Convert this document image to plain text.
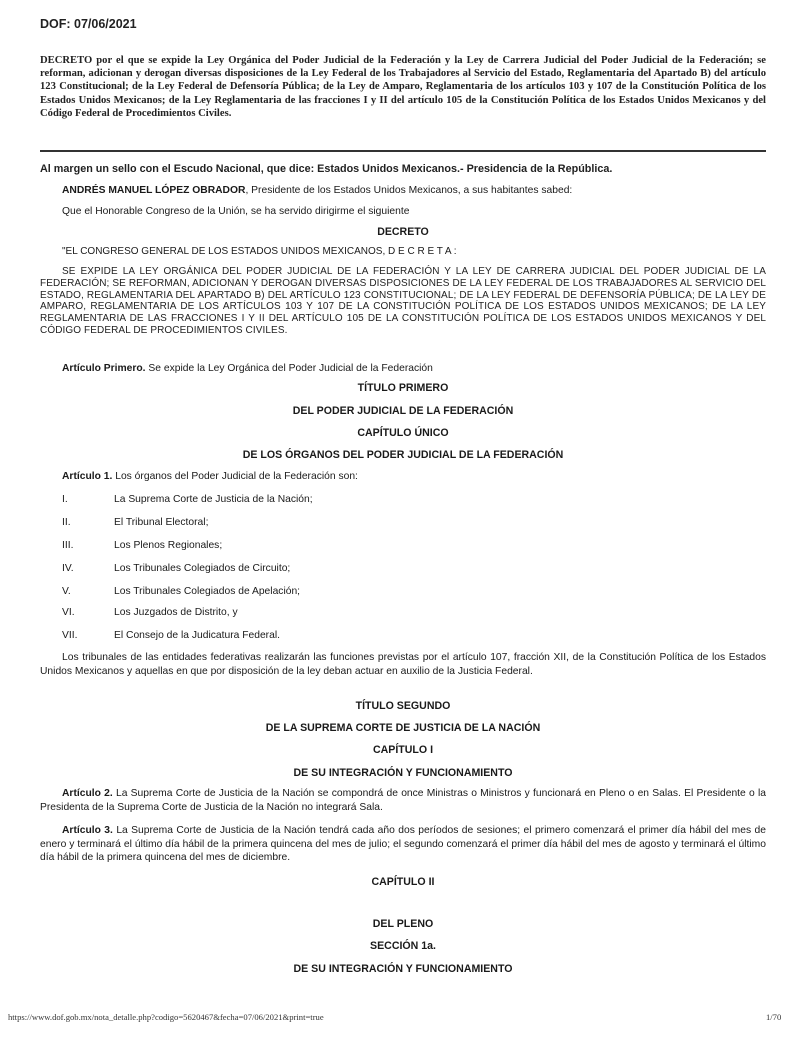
DOF: 07/06/2021
DECRETO por el que se expide la Ley Orgánica del Poder Judicial de la Federación y la Ley de Carrera Judicial del Poder Judicial de la Federación; se reforman, adicionan y derogan diversas disposiciones de la Ley Federal de los Trabajadores al Servicio del Estado, Reglamentaria del Apartado B) del artículo 123 Constitucional; de la Ley Federal de Defensoría Pública; de la Ley de Amparo, Reglamentaria de los artículos 103 y 107 de la Constitución Política de los Estados Unidos Mexicanos; de la Ley Reglamentaria de las fracciones I y II del artículo 105 de la Constitución Política de los Estados Unidos Mexicanos y del Código Federal de Procedimientos Civiles.
Al margen un sello con el Escudo Nacional, que dice: Estados Unidos Mexicanos.- Presidencia de la República.
ANDRÉS MANUEL LÓPEZ OBRADOR, Presidente de los Estados Unidos Mexicanos, a sus habitantes sabed:
Que el Honorable Congreso de la Unión, se ha servido dirigirme el siguiente
DECRETO
"EL CONGRESO GENERAL DE LOS ESTADOS UNIDOS MEXICANOS, D E C R E T A :
SE EXPIDE LA LEY ORGÁNICA DEL PODER JUDICIAL DE LA FEDERACIÓN Y LA LEY DE CARRERA JUDICIAL DEL PODER JUDICIAL DE LA FEDERACIÓN; SE REFORMAN, ADICIONAN Y DEROGAN DIVERSAS DISPOSICIONES DE LA LEY FEDERAL DE LOS TRABAJADORES AL SERVICIO DEL ESTADO, REGLAMENTARIA DEL APARTADO B) DEL ARTÍCULO 123 CONSTITUCIONAL; DE LA LEY FEDERAL DE DEFENSORÍA PÚBLICA; DE LA LEY DE AMPARO, REGLAMENTARIA DE LOS ARTÍCULOS 103 Y 107 DE LA CONSTITUCIÓN POLÍTICA DE LOS ESTADOS UNIDOS MEXICANOS; DE LA LEY REGLAMENTARIA DE LAS FRACCIONES I Y II DEL ARTÍCULO 105 DE LA CONSTITUCIÓN POLÍTICA DE LOS ESTADOS UNIDOS MEXICANOS Y DEL CÓDIGO FEDERAL DE PROCEDIMIENTOS CIVILES.
Artículo Primero. Se expide la Ley Orgánica del Poder Judicial de la Federación
TÍTULO PRIMERO
DEL PODER JUDICIAL DE LA FEDERACIÓN
CAPÍTULO ÚNICO
DE LOS ÓRGANOS DEL PODER JUDICIAL DE LA FEDERACIÓN
Artículo 1. Los órganos del Poder Judicial de la Federación son:
I.	La Suprema Corte de Justicia de la Nación;
II.	El Tribunal Electoral;
III.	Los Plenos Regionales;
IV.	Los Tribunales Colegiados de Circuito;
V.	Los Tribunales Colegiados de Apelación;
VI.	Los Juzgados de Distrito, y
VII.	El Consejo de la Judicatura Federal.
Los tribunales de las entidades federativas realizarán las funciones previstas por el artículo 107, fracción XII, de la Constitución Política de los Estados Unidos Mexicanos y aquellas en que por disposición de la ley deban actuar en auxilio de la Justicia Federal.
TÍTULO SEGUNDO
DE LA SUPREMA CORTE DE JUSTICIA DE LA NACIÓN
CAPÍTULO I
DE SU INTEGRACIÓN Y FUNCIONAMIENTO
Artículo 2. La Suprema Corte de Justicia de la Nación se compondrá de once Ministras o Ministros y funcionará en Pleno o en Salas. El Presidente o la Presidenta de la Suprema Corte de Justicia de la Nación no integrará Sala.
Artículo 3. La Suprema Corte de Justicia de la Nación tendrá cada año dos períodos de sesiones; el primero comenzará el primer día hábil del mes de enero y terminará el último día hábil de la primera quincena del mes de julio; el segundo comenzará el primer día hábil del mes de agosto y terminará el último día hábil de la primera quincena del mes de diciembre.
CAPÍTULO II
DEL PLENO
SECCIÓN 1a.
DE SU INTEGRACIÓN Y FUNCIONAMIENTO
https://www.dof.gob.mx/nota_detalle.php?codigo=5620467&fecha=07/06/2021&print=true	1/70
